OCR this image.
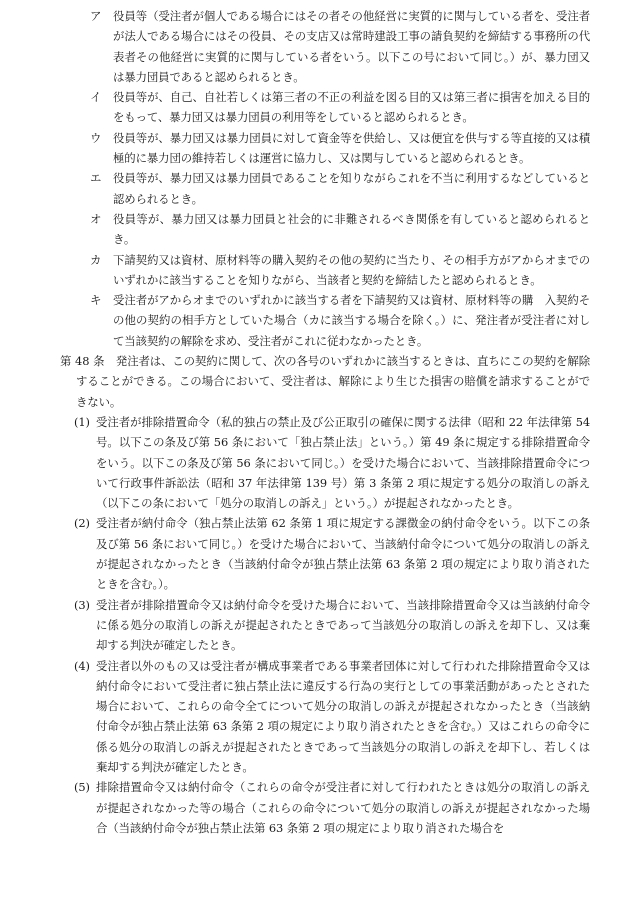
ア 役員等（受注者が個人である場合にはその者その他経営に実質的に関与している者を、受注者が法人である場合にはその役員、その支店又は常時建設工事の請負契約を締結する事務所の代表者その他経営に実質的に関与している者をいう。以下この号において同じ。）が、暴力団又は暴力団員であると認められるとき。
イ 役員等が、自己、自社若しくは第三者の不正の利益を図る目的又は第三者に損害を加える目的をもって、暴力団又は暴力団員の利用等をしていると認められるとき。
ウ 役員等が、暴力団又は暴力団員に対して資金等を供給し、又は便宜を供与する等直接的又は積極的に暴力団の維持若しくは運営に協力し、又は関与していると認められるとき。
エ 役員等が、暴力団又は暴力団員であることを知りながらこれを不当に利用するなどしていると認められるとき。
オ 役員等が、暴力団又は暴力団員と社会的に非難されるべき関係を有していると認められるとき。
カ 下請契約又は資材、原材料等の購入契約その他の契約に当たり、その相手方がアからオまでのいずれかに該当することを知りながら、当該者と契約を締結したと認められるとき。
キ 受注者がアからオまでのいずれかに該当する者を下請契約又は資材、原材料等の購　入契約その他の契約の相手方としていた場合（カに該当する場合を除く。）に、発注者が受注者に対して当該契約の解除を求め、受注者がこれに従わなかったとき。
第 48 条　発注者は、この契約に関して、次の各号のいずれかに該当するときは、直ちにこの契約を解除することができる。この場合において、受注者は、解除により生じた損害の賠償を請求することができない。
(1) 受注者が排除措置命令（私的独占の禁止及び公正取引の確保に関する法律（昭和 22 年法律第 54 号。以下この条及び第 56 条において「独占禁止法」という。）第 49 条に規定する排除措置命令をいう。以下この条及び第 56 条において同じ。）を受けた場合において、当該排除措置命令について行政事件訴訟法（昭和 37 年法律第 139 号）第 3 条第 2 項に規定する処分の取消しの訴え（以下この条において「処分の取消しの訴え」という。）が提起されなかったとき。
(2) 受注者が納付命令（独占禁止法第 62 条第 1 項に規定する課徴金の納付命令をいう。以下この条及び第 56 条において同じ。）を受けた場合において、当該納付命令について処分の取消しの訴えが提起されなかったとき（当該納付命令が独占禁止法第 63 条第 2 項の規定により取り消されたときを含む。）。
(3) 受注者が排除措置命令又は納付命令を受けた場合において、当該排除措置命令又は当該納付命令に係る処分の取消しの訴えが提起されたときであって当該処分の取消しの訴えを却下し、又は棄却する判決が確定したとき。
(4) 受注者以外のもの又は受注者が構成事業者である事業者団体に対して行われた排除措置命令又は納付命令において受注者に独占禁止法に違反する行為の実行としての事業活動があったとされた場合において、これらの命令全てについて処分の取消しの訴えが提起されなかったとき（当該納付命令が独占禁止法第 63 条第 2 項の規定により取り消されたときを含む。）又はこれらの命令に係る処分の取消しの訴えが提起されたときであって当該処分の取消しの訴えを却下し、若しくは棄却する判決が確定したとき。
(5) 排除措置命令又は納付命令（これらの命令が受注者に対して行われたときは処分の取消しの訴えが提起されなかった等の場合（これらの命令について処分の取消しの訴えが提起されなかった場合（当該納付命令が独占禁止法第 63 条第 2 項の規定により取り消された場合を
